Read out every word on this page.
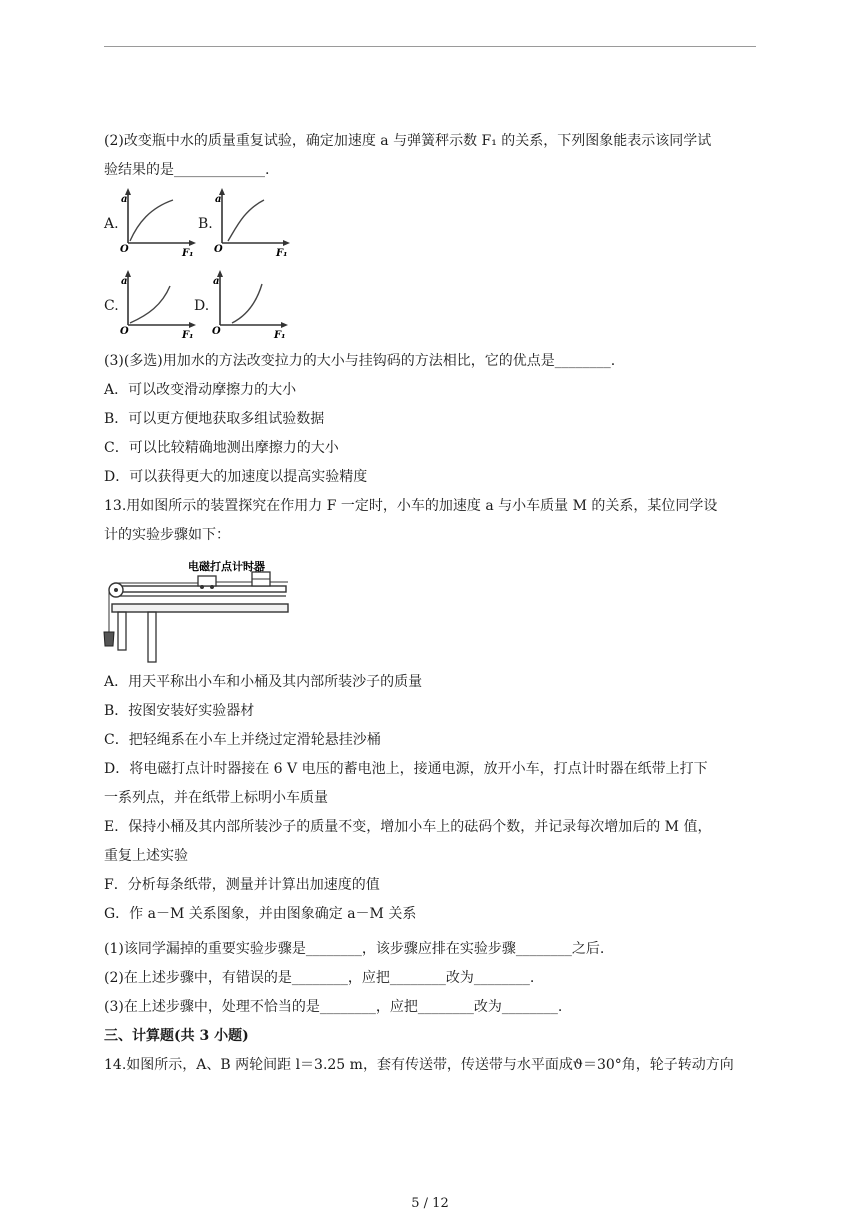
(2)改变瓶中水的质量重复试验，确定加速度 a 与弹簧秤示数 F₁ 的关系，下列图象能表示该同学试
验结果的是_____________.
A.
a
O	F₁
B.
a
O	F₁
C.
a
O	F₁
D.
a
O	F₁
(3)(多选)用加水的方法改变拉力的大小与挂钩码的方法相比，它的优点是________.
A．可以改变滑动摩擦力的大小
B．可以更方便地获取多组试验数据
C．可以比较精确地测出摩擦力的大小
D．可以获得更大的加速度以提高实验精度
13.用如图所示的装置探究在作用力 F 一定时，小车的加速度 a 与小车质量 M 的关系，某位同学设
计的实验步骤如下：
电磁打点计时器
A．用天平称出小车和小桶及其内部所装沙子的质量
B．按图安装好实验器材
C．把轻绳系在小车上并绕过定滑轮悬挂沙桶
D．将电磁打点计时器接在 6 V 电压的蓄电池上，接通电源，放开小车，打点计时器在纸带上打下
一系列点，并在纸带上标明小车质量
E．保持小桶及其内部所装沙子的质量不变，增加小车上的砝码个数，并记录每次增加后的 M 值，
重复上述实验
F．分析每条纸带，测量并计算出加速度的值
G．作 a－M 关系图象，并由图象确定 a－M 关系
(1)该同学漏掉的重要实验步骤是________，该步骤应排在实验步骤________之后.
(2)在上述步骤中，有错误的是________，应把________改为________.
(3)在上述步骤中，处理不恰当的是________，应把________改为________.
三、计算题(共 3 小题)
14.如图所示，A、B 两轮间距 l＝3.25 m，套有传送带，传送带与水平面成ϑ＝30°角，轮子转动方向
5 / 12
